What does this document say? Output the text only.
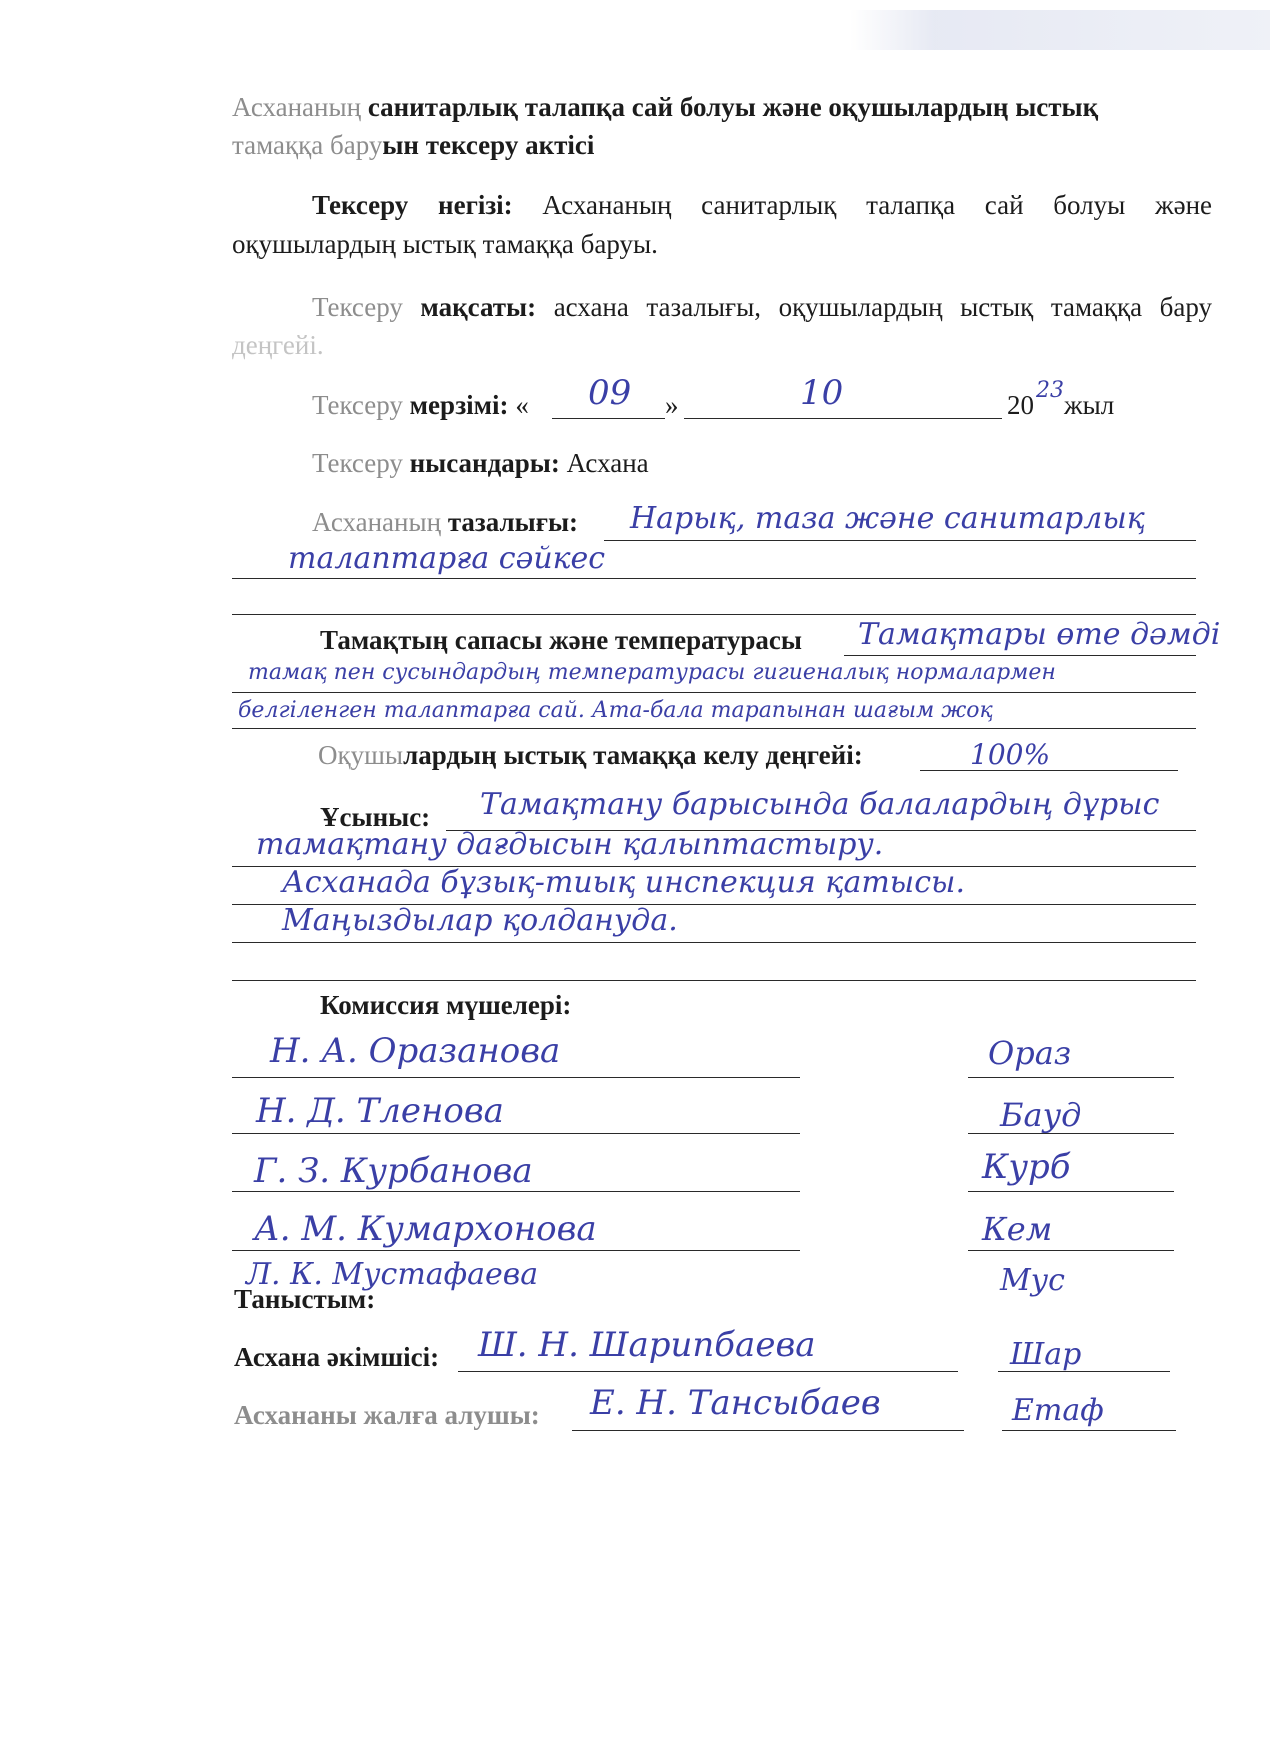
Асхананың санитарлық талапқа сай болуы және оқушылардың ыстық
тамаққа баруын тексеру актісі
Тексеру негізі: Асхананың санитарлық талапқа сай болуы және
оқушылардың ыстық тамаққа баруы.
Тексеру мақсаты: асхана тазалығы, оқушылардың ыстық тамаққа бару
деңгейі.
Тексеру мерзімі: « 09 »	10	20 23 жыл
Тексеру нысандары: Асхана
Асхананың тазалығы: Нарық, таза және санитарлық
талаптарға сәйкес
Тамақтың сапасы және температурасы Тамақтары өте дәмді
тамақ пен сусындардың температурасы гигиеналық нормалармен
белгіленген талаптарға сай. Ата-бала тарапынан шағым жоқ
Оқушылардың ыстық тамаққа келу деңгейі:	100%
Ұсыныс: Тамақтану барысында балалардың дұрыс
тамақтану дағдысын қалыптастыру.
Асханада бұзық-тиық инспекция қатысы.
Маңыздылар қолдануда.
Комиссия мүшелері:
Н. А. Оразанова	Ораз
Н. Д. Тленова	Бауд
Г. З. Курбанова	Курб
А. М. Кумархонова	Кем
Л. К. Мустафаева	Мус
Таныстым:
Асхана әкімшісі: Ш. Н. Шарипбаева	Шар
Асхананы жалға алушы: Е. Н. Тансыбаев	Етаф
